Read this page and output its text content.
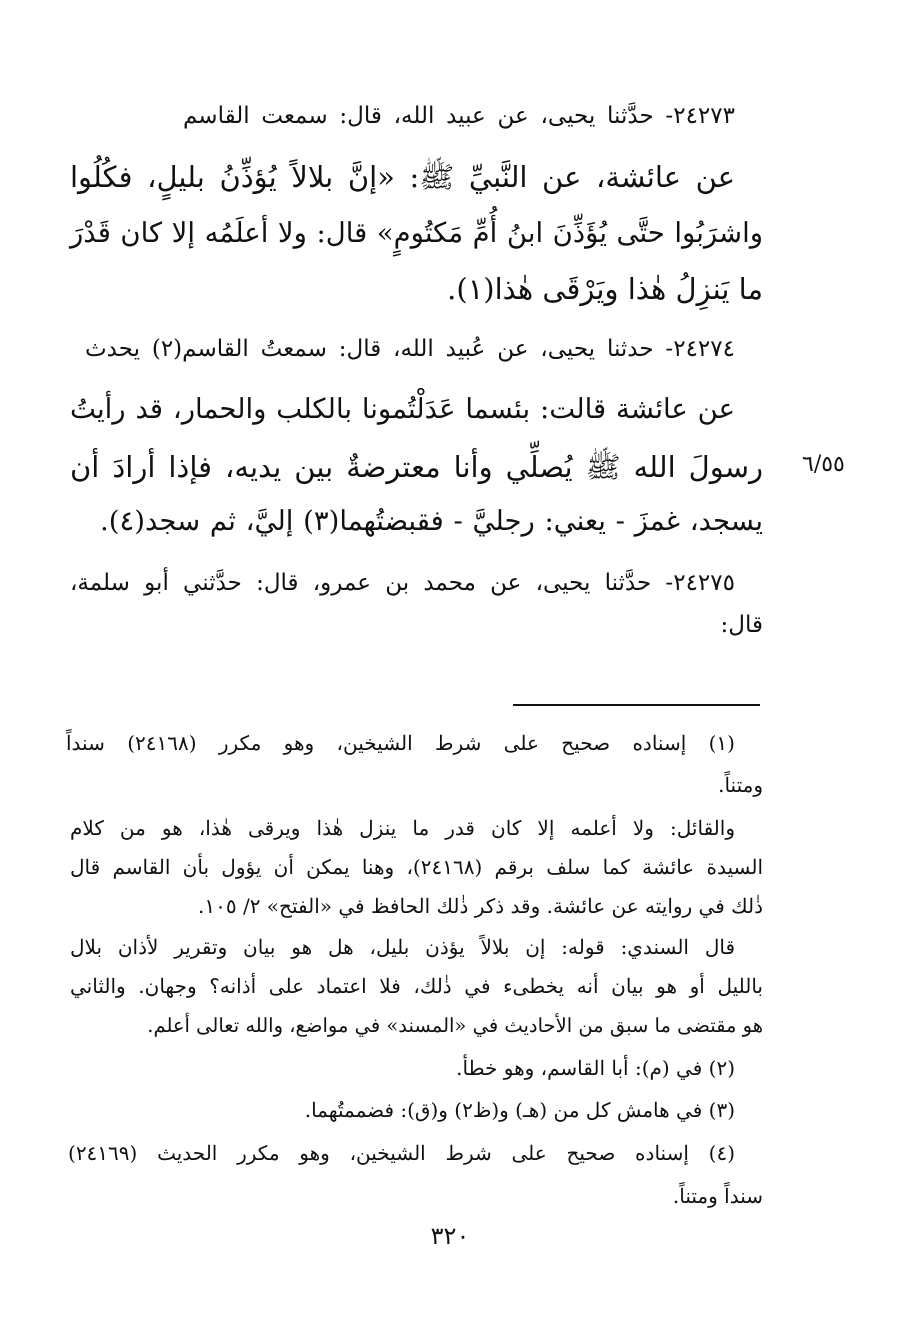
٢٤٢٧٣- حدَّثنا يحيى، عن عبيد الله، قال: سمعت القاسم
عن عائشة، عن النَّبيِّ ﷺ: «إنَّ بلالاً يُؤذِّنُ بليلٍ، فكُلُوا
واشرَبُوا حتَّى يُؤَذِّنَ ابنُ أُمِّ مَكتُومٍ» قال: ولا أعلَمُه إلا كان قَدْرَ
ما يَنزِلُ هٰذا ويَرْقَى هٰذا(١).
٢٤٢٧٤- حدثنا يحيى، عن عُبيد الله، قال: سمعتُ القاسم(٢) يحدث
عن عائشة قالت: بئسما عَدَلْتُمونا بالكلب والحمار، قد رأيتُ
رسولَ الله ﷺ يُصلِّي وأنا معترضةٌ بين يديه، فإذا أرادَ أن
يسجد، غمزَ - يعني: رجليَّ - فقبضتُهما(٣) إليَّ، ثم سجد(٤).
٦/٥٥
٢٤٢٧٥- حدَّثنا يحيى، عن محمد بن عمرو، قال: حدَّثني أبو سلمة،
قال:
(١) إسناده صحيح على شرط الشيخين، وهو مكرر (٢٤١٦٨) سنداً
ومتناً.
والقائل: ولا أعلمه إلا كان قدر ما ينزل هٰذا ويرقى هٰذا، هو من كلام
السيدة عائشة كما سلف برقم (٢٤١٦٨)، وهنا يمكن أن يؤول بأن القاسم قال
ذٰلك في روايته عن عائشة. وقد ذكر ذٰلك الحافظ في «الفتح» ٢/ ١٠٥.
قال السندي: قوله: إن بلالاً يؤذن بليل، هل هو بيان وتقرير لأذان بلال
بالليل أو هو بيان أنه يخطىء في ذٰلك، فلا اعتماد على أذانه؟ وجهان. والثاني
هو مقتضى ما سبق من الأحاديث في «المسند» في مواضع، والله تعالى أعلم.
(٢) في (م): أبا القاسم، وهو خطأ.
(٣) في هامش كل من (هـ) و(ظ٢) و(ق): فضممتُهما.
(٤) إسناده صحيح على شرط الشيخين، وهو مكرر الحديث (٢٤١٦٩)
سنداً ومتناً.
٣٢٠
